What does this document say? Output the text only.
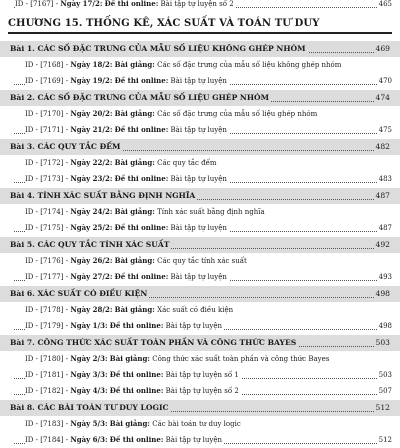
ID - [7167] - Ngày 17/2: Đề thi online: Bài tập tự luyện số 2	465
CHƯƠNG 15. THỐNG KÊ, XÁC SUẤT VÀ TOÁN TƯ DUY
Bài 1. CÁC SỐ ĐẶC TRƯNG CỦA MẪU SỐ LIỆU KHÔNG GHÉP NHÓM	469
ID - [7168] - Ngày 18/2: Bài giảng: Các số đặc trưng của mẫu số liệu không ghép nhóm
ID - [7169] - Ngày 19/2: Đề thi online: Bài tập tự luyện	470
Bài 2. CÁC SỐ ĐẶC TRƯNG CỦA MẪU SỐ LIỆU GHÉP NHÓM	474
ID - [7170] - Ngày 20/2: Bài giảng: Các số đặc trưng của mẫu số liệu ghép nhóm
ID - [7171] - Ngày 21/2: Đề thi online: Bài tập tự luyện	475
Bài 3. CÁC QUY TẮC ĐẾM	482
ID - [7172] - Ngày 22/2: Bài giảng: Các quy tắc đếm
ID - [7173] - Ngày 23/2: Đề thi online: Bài tập tự luyện	483
Bài 4. TÍNH XÁC SUẤT BẰNG ĐỊNH NGHĨA	487
ID - [7174] - Ngày 24/2: Bài giảng: Tính xác suất bằng định nghĩa
ID - [7175] - Ngày 25/2: Đề thi online: Bài tập tự luyện	487
Bài 5. CÁC QUY TẮC TÍNH XÁC SUẤT	492
ID - [7176] - Ngày 26/2: Bài giảng: Các quy tắc tính xác suất
ID - [7177] - Ngày 27/2: Đề thi online: Bài tập tự luyện	493
Bài 6. XÁC SUẤT CÓ ĐIỀU KIỆN	498
ID - [7178] - Ngày 28/2: Bài giảng: Xác suất có điều kiện
ID - [7179] - Ngày 1/3: Đề thi online: Bài tập tự luyện	498
Bài 7. CÔNG THỨC XÁC SUẤT TOÀN PHẦN VÀ CÔNG THỨC BAYES	503
ID - [7180] - Ngày 2/3: Bài giảng: Công thức xác suất toàn phần và công thức Bayes
ID - [7181] - Ngày 3/3: Đề thi online: Bài tập tự luyện số 1	503
ID - [7182] - Ngày 4/3: Đề thi online: Bài tập tự luyện số 2	507
Bài 8. CÁC BÀI TOÁN TƯ DUY LOGIC	512
ID - [7183] - Ngày 5/3: Bài giảng: Các bài toán tư duy logic
ID - [7184] - Ngày 6/3: Đề thi online: Bài tập tự luyện	512
